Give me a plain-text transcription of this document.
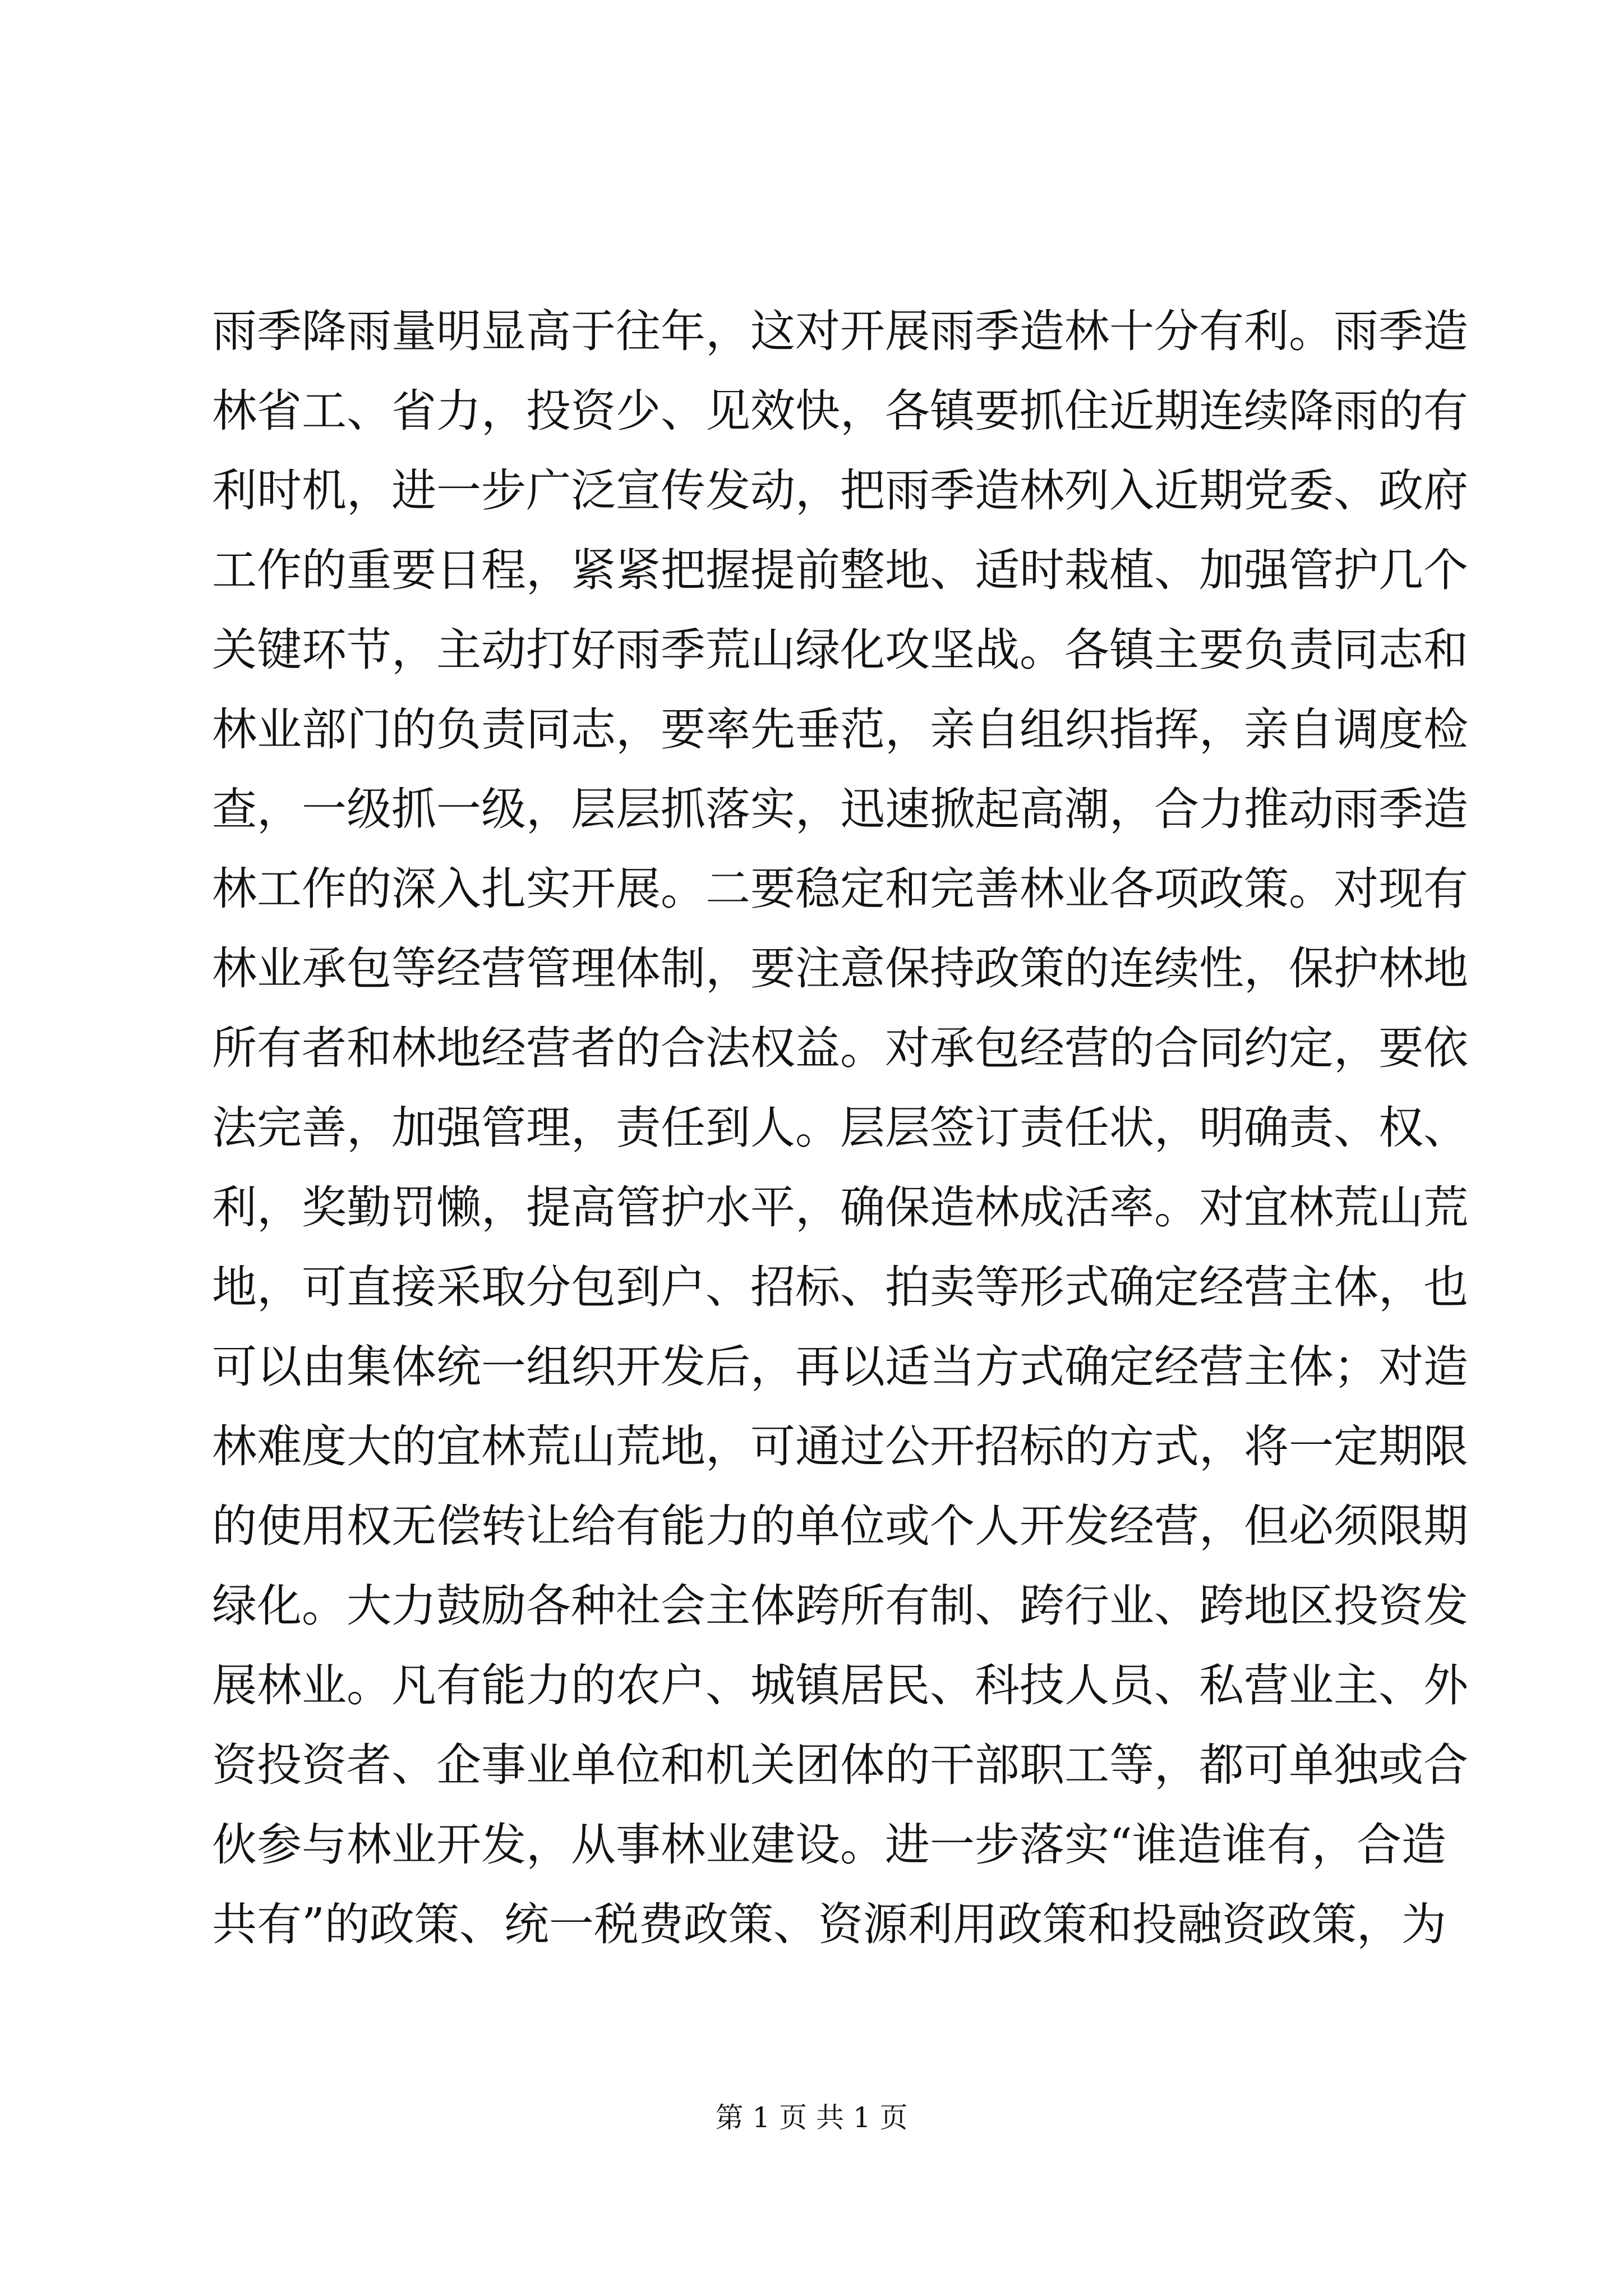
雨季降雨量明显高于往年，这对开展雨季造林十分有利。雨季造
林省工、省力，投资少、见效快，各镇要抓住近期连续降雨的有
利时机，进一步广泛宣传发动，把雨季造林列入近期党委、政府
工作的重要日程，紧紧把握提前整地、适时栽植、加强管护几个
关键环节，主动打好雨季荒山绿化攻坚战。各镇主要负责同志和
林业部门的负责同志，要率先垂范，亲自组织指挥，亲自调度检
查，一级抓一级，层层抓落实，迅速掀起高潮，合力推动雨季造
林工作的深入扎实开展。二要稳定和完善林业各项政策。对现有
林业承包等经营管理体制，要注意保持政策的连续性，保护林地
所有者和林地经营者的合法权益。对承包经营的合同约定，要依
法完善，加强管理，责任到人。层层签订责任状，明确责、权、
利，奖勤罚懒，提高管护水平，确保造林成活率。对宜林荒山荒
地，可直接采取分包到户、招标、拍卖等形式确定经营主体，也
可以由集体统一组织开发后，再以适当方式确定经营主体；对造
林难度大的宜林荒山荒地，可通过公开招标的方式，将一定期限
的使用权无偿转让给有能力的单位或个人开发经营，但必须限期
绿化。大力鼓励各种社会主体跨所有制、跨行业、跨地区投资发
展林业。凡有能力的农户、城镇居民、科技人员、私营业主、外
资投资者、企事业单位和机关团体的干部职工等，都可单独或合
伙参与林业开发，从事林业建设。进一步落实“谁造谁有，合造
共有”的政策、统一税费政策、资源利用政策和投融资政策，为
第 1 页 共 1 页
